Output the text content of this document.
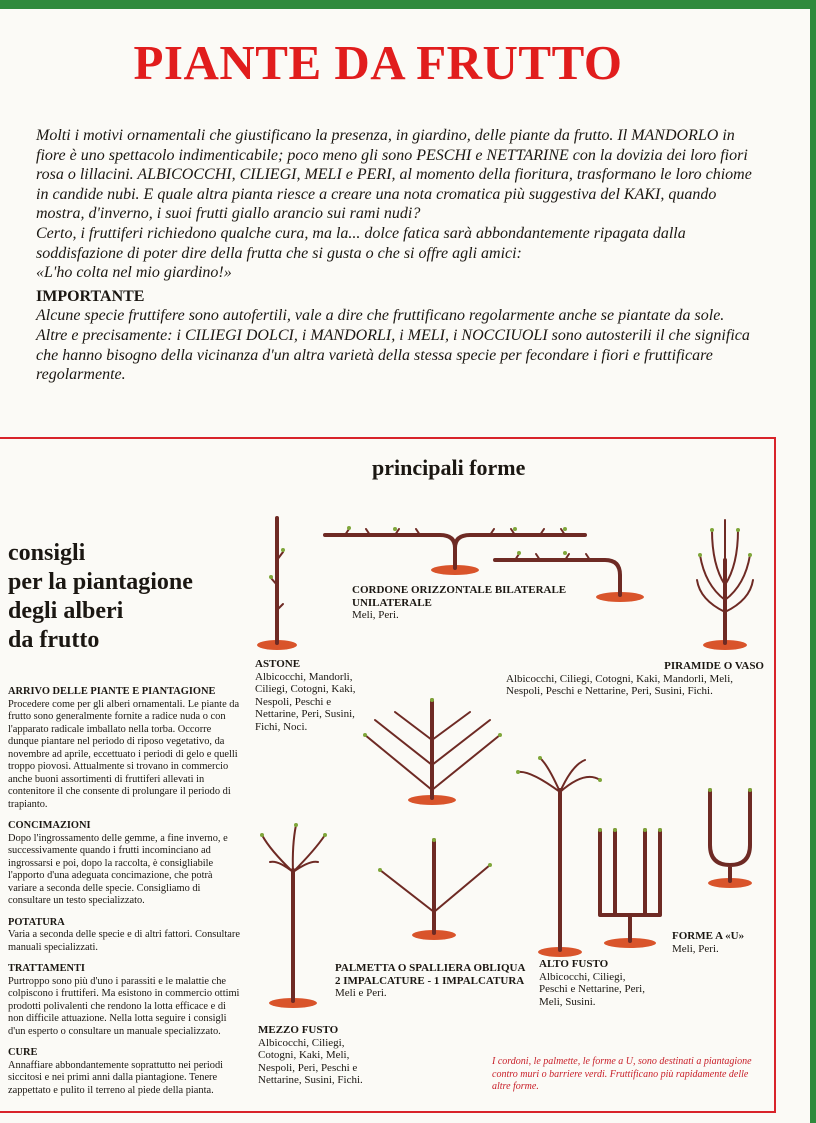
PIANTE DA FRUTTO

Molti i motivi ornamentali che giustificano la presenza, in giardino, delle piante da frutto. Il MANDORLO in fiore è uno spettacolo indimenticabile; poco meno gli sono PESCHI e NETTARINE con la dovizia dei loro fiori rosa o lillacini. ALBICOCCHI, CILIEGI, MELI e PERI, al momento della fioritura, trasformano le loro chiome in candide nubi. E quale altra pianta riesce a creare una nota cromatica più suggestiva del KAKI, quando mostra, d'inverno, i suoi frutti giallo arancio sui rami nudi?

Certo, i fruttiferi richiedono qualche cura, ma la... dolce fatica sarà abbondantemente ripagata dalla soddisfazione di poter dire della frutta che si gusta o che si offre agli amici:

«L'ho colta nel mio giardino!»

IMPORTANTE

Alcune specie fruttifere sono autofertili, vale a dire che fruttificano regolarmente anche se piantate da sole.

Altre e precisamente: i CILIEGI DOLCI, i MANDORLI, i MELI, i NOCCIUOLI sono autosterili il che significa che hanno bisogno della vicinanza d'un altra varietà della stessa specie per fecondare i fiori e fruttificare regolarmente.

principali forme
consigli
per la piantagione
degli alberi
da frutto
ARRIVO DELLE PIANTE E PIANTAGIONE
Procedere come per gli alberi ornamentali. Le piante da frutto sono generalmente fornite a radice nuda o con l'apparato radicale imballato nella torba. Occorre dunque piantare nel periodo di riposo vegetativo, da novembre ad aprile, eccettuato i periodi di gelo e quelli troppo piovosi. Attualmente si trovano in commercio anche buoni assortimenti di fruttiferi allevati in contenitore il che consente di prolungare il periodo di trapianto.
CONCIMAZIONI
Dopo l'ingrossamento delle gemme, a fine inverno, e successivamente quando i frutti incominciano ad ingrossarsi e poi, dopo la raccolta, è consigliabile l'apporto d'una adeguata concimazione, che potrà variare a seconda delle specie. Consigliamo di consultare un testo specializzato.
POTATURA
Varia a seconda delle specie e di altri fattori. Consultare manuali specializzati.
TRATTAMENTI
Purtroppo sono più d'uno i parassiti e le malattie che colpiscono i fruttiferi. Ma esistono in commercio ottimi prodotti polivalenti che rendono la lotta efficace e di non difficile attuazione. Nella lotta seguire i consigli d'un esperto o consultare un manuale specializzato.
CURE
Annaffiare abbondantemente soprattutto nei periodi siccitosi e nei primi anni dalla piantagione. Tenere zappettato e pulito il terreno al piede della pianta.
ASTONE
Albicocchi, Mandorli, Ciliegi, Cotogni, Kaki, Nespoli, Peschi e Nettarine, Peri, Susini, Fichi, Noci.
CORDONE ORIZZONTALE BILATERALE
UNILATERALE
Meli, Peri.
PIRAMIDE O VASO
Albicocchi, Ciliegi, Cotogni, Kaki, Mandorli, Meli, Nespoli, Peschi e Nettarine, Peri, Susini, Fichi.
PALMETTA O SPALLIERA OBLIQUA
2 IMPALCATURE - 1 IMPALCATURA
Meli e Peri.
ALTO FUSTO
Albicocchi, Ciliegi, Peschi e Nettarine, Peri, Meli, Susini.
FORME A «U»
Meli, Peri.
MEZZO FUSTO
Albicocchi, Ciliegi, Cotogni, Kaki, Meli, Nespoli, Peri, Peschi e Nettarine, Susini, Fichi.
I cordoni, le palmette, le forme a U, sono destinati a piantagione contro muri o barriere verdi. Fruttificano più rapidamente delle altre forme.
